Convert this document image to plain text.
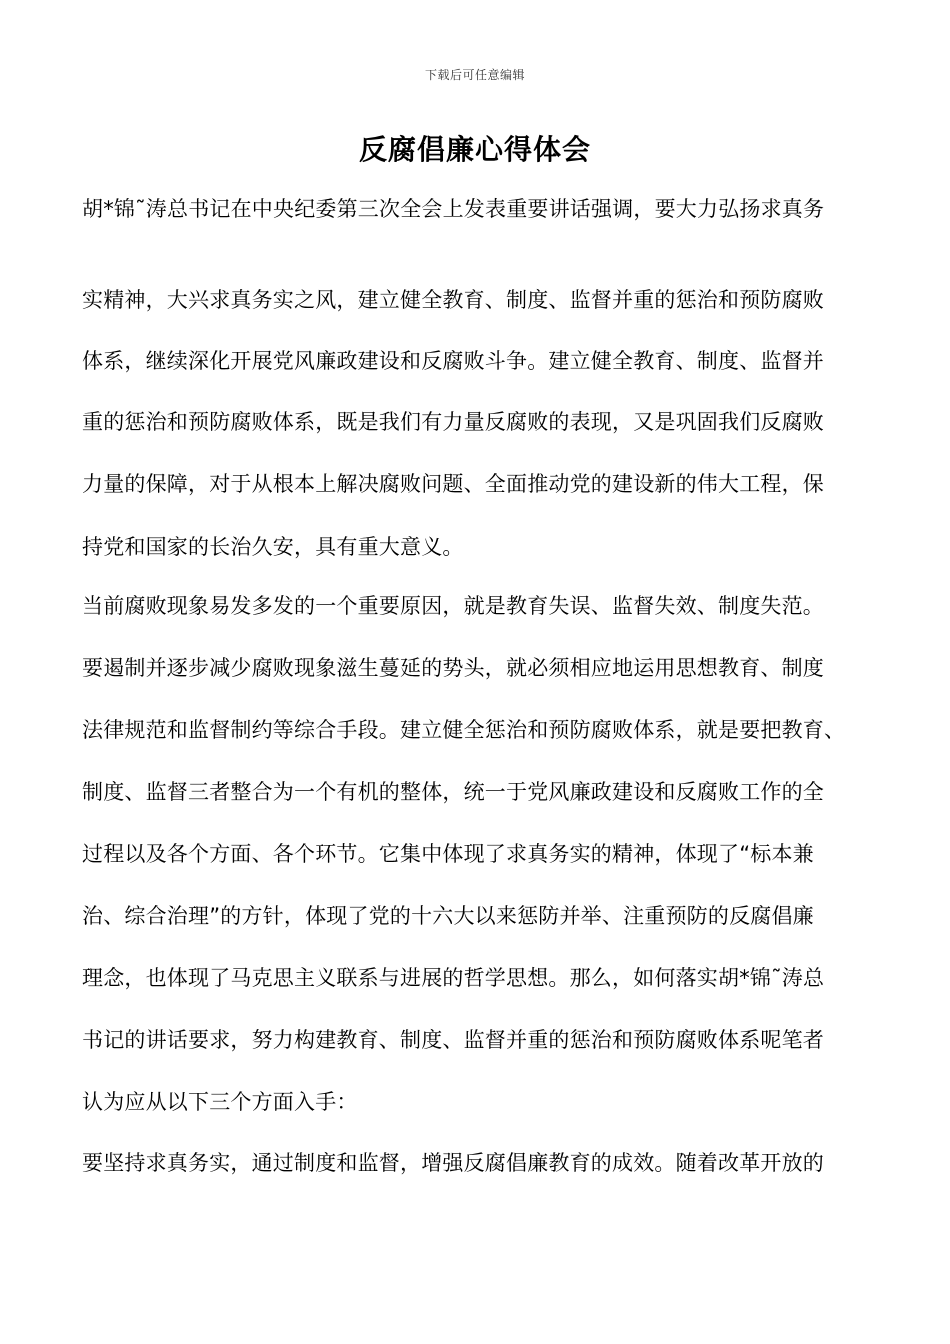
下载后可任意编辑
反腐倡廉心得体会
胡*锦˜涛总书记在中央纪委第三次全会上发表重要讲话强调，要大力弘扬求真务
实精神，大兴求真务实之风，建立健全教育、制度、监督并重的惩治和预防腐败
体系，继续深化开展党风廉政建设和反腐败斗争。建立健全教育、制度、监督并
重的惩治和预防腐败体系，既是我们有力量反腐败的表现，又是巩固我们反腐败
力量的保障，对于从根本上解决腐败问题、全面推动党的建设新的伟大工程，保
持党和国家的长治久安，具有重大意义。
当前腐败现象易发多发的一个重要原因，就是教育失误、监督失效、制度失范。
要遏制并逐步减少腐败现象滋生蔓延的势头，就必须相应地运用思想教育、制度
法律规范和监督制约等综合手段。建立健全惩治和预防腐败体系，就是要把教育、
制度、监督三者整合为一个有机的整体，统一于党风廉政建设和反腐败工作的全
过程以及各个方面、各个环节。它集中体现了求真务实的精神，体现了“标本兼
治、综合治理”的方针，体现了党的十六大以来惩防并举、注重预防的反腐倡廉
理念，也体现了马克思主义联系与进展的哲学思想。那么，如何落实胡*锦˜涛总
书记的讲话要求，努力构建教育、制度、监督并重的惩治和预防腐败体系呢笔者
认为应从以下三个方面入手：
要坚持求真务实，通过制度和监督，增强反腐倡廉教育的成效。随着改革开放的
